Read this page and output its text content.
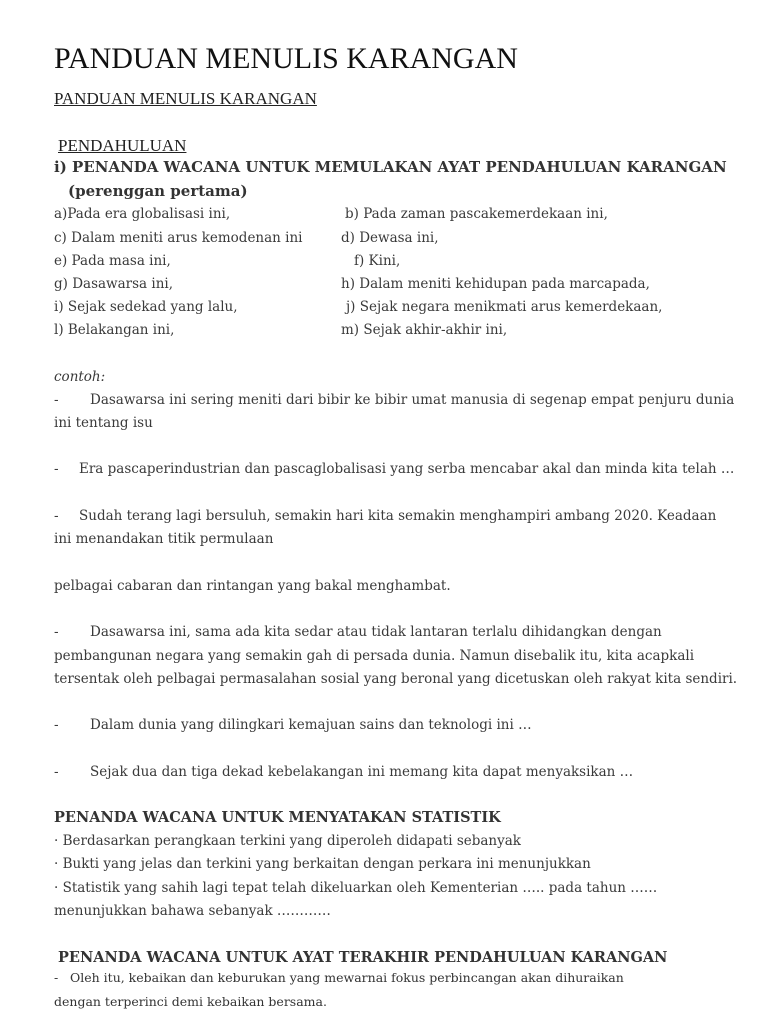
PANDUAN MENULIS KARANGAN
PANDUAN MENULIS KARANGAN
PENDAHULUAN
i) PENANDA WACANA UNTUK MEMULAKAN AYAT PENDAHULUAN KARANGAN
(perenggan pertama)
a)Pada era globalisasi ini,
c) Dalam meniti arus kemodenan ini
e) Pada masa ini,
g) Dasawarsa ini,
i) Sejak sedekad yang lalu,
l) Belakangan ini,
b) Pada zaman pascakemerdekaan ini,
d) Dewasa ini,
f) Kini,
h) Dalam meniti kehidupan pada marcapada,
j) Sejak negara menikmati arus kemerdekaan,
m) Sejak akhir-akhir ini,
contoh:
- Dasawarsa ini sering meniti dari bibir ke bibir umat manusia di segenap empat penjuru dunia
ini tentang isu
- Era pascaperindustrian dan pascaglobalisasi yang serba mencabar akal dan minda kita telah …
- Sudah terang lagi bersuluh, semakin hari kita semakin menghampiri ambang 2020. Keadaan
ini menandakan titik permulaan
pelbagai cabaran dan rintangan yang bakal menghambat.
- Dasawarsa ini, sama ada kita sedar atau tidak lantaran terlalu dihidangkan dengan
pembangunan negara yang semakin gah di persada dunia. Namun disebalik itu, kita acapkali
tersentak oleh pelbagai permasalahan sosial yang beronal yang dicetuskan oleh rakyat kita sendiri.
- Dalam dunia yang dilingkari kemajuan sains dan teknologi ini …
- Sejak dua dan tiga dekad kebelakangan ini memang kita dapat menyaksikan …
PENANDA WACANA UNTUK MENYATAKAN STATISTIK
· Berdasarkan perangkaan terkini yang diperoleh didapati sebanyak
· Bukti yang jelas dan terkini yang berkaitan dengan perkara ini menunjukkan
· Statistik yang sahih lagi tepat telah dikeluarkan oleh Kementerian ….. pada tahun ……
menunjukkan bahawa sebanyak …………
PENANDA WACANA UNTUK AYAT TERAKHIR PENDAHULUAN KARANGAN
- Oleh itu, kebaikan dan keburukan yang mewarnai fokus perbincangan akan dihuraikan
dengan terperinci demi kebaikan bersama.
